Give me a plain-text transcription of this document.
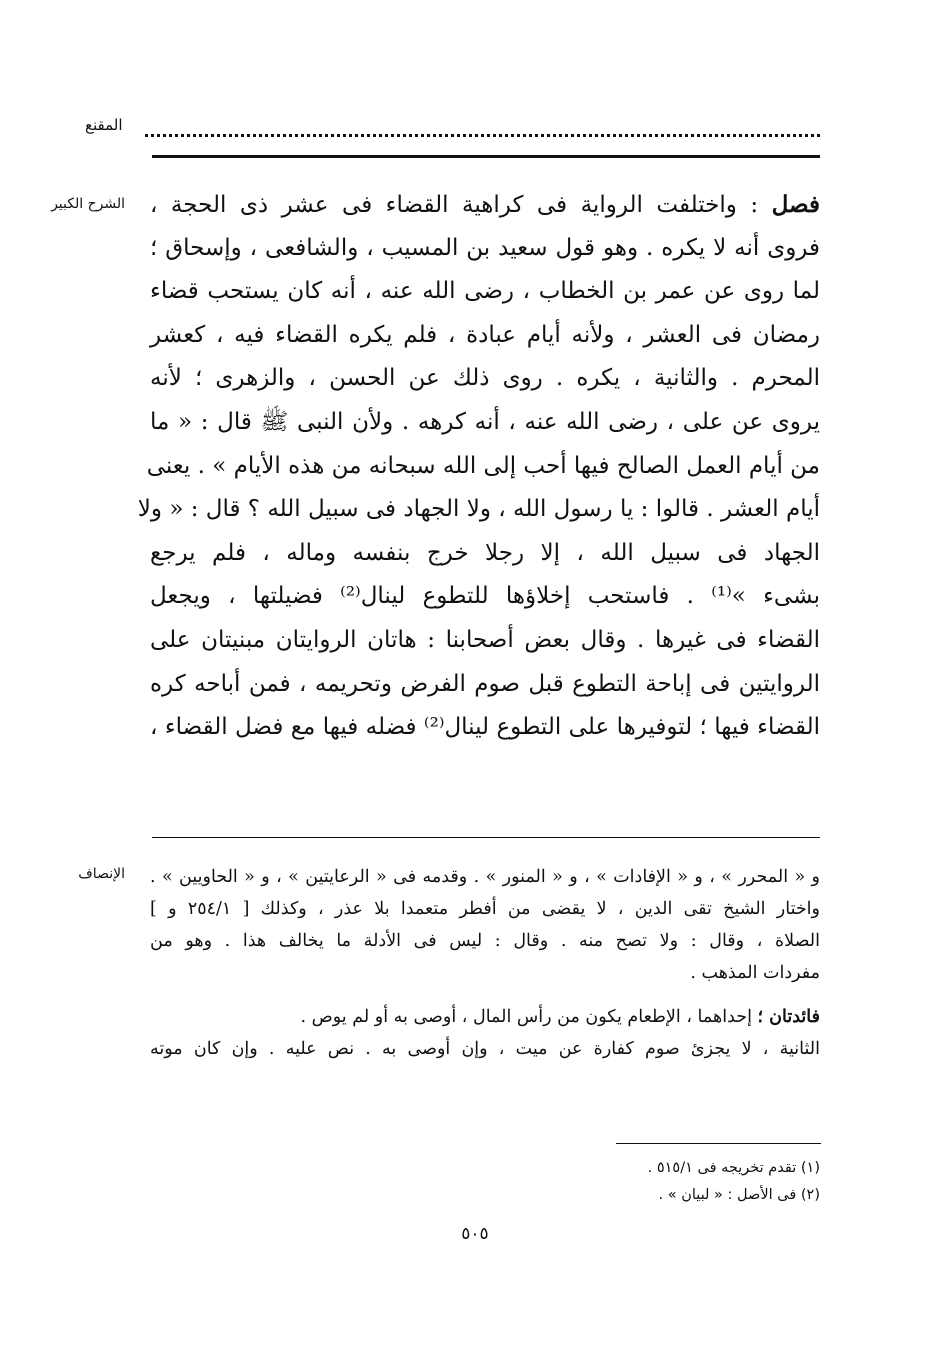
المقنع
الشرح الكبير	فصل : واختلفت الرواية فى كراهية القضاء فى عشر ذى الحجة ،
فروى أنه لا يكره . وهو قول سعيد بن المسيب ، والشافعى ، وإسحاق ؛
لما روى عن عمر بن الخطاب ، رضى الله عنه ، أنه كان يستحب قضاء
رمضان فى العشر ، ولأنه أيام عبادة ، فلم يكره القضاء فيه ، كعشر
المحرم . والثانية ، يكره . روى ذلك عن الحسن ، والزهرى ؛ لأنه
يروى عن على ، رضى الله عنه ، أنه كرهه . ولأن النبى ﷺ قال : « ما
من أيام العمل الصالح فيها أحب إلى الله سبحانه من هذه الأيام » . يعنى
أيام العشر . قالوا : يا رسول الله ، ولا الجهاد فى سبيل الله ؟ قال : « ولا
الجهاد فى سبيل الله ، إلا رجلا خرج بنفسه وماله ، فلم يرجع
بشىء »⁽¹⁾ . فاستحب إخلاؤها للتطوع لينال⁽²⁾ فضيلتها ، ويجعل
القضاء فى غيرها . وقال بعض أصحابنا : هاتان الروايتان مبنيتان على
الروايتين فى إباحة التطوع قبل صوم الفرض وتحريمه ، فمن أباحه كره
القضاء فيها ؛ لتوفيرها على التطوع لينال⁽²⁾ فضله فيها مع فضل القضاء ،
الإنصاف و « المحرر » ، و « الإفادات » ، و « المنور » . وقدمه فى « الرعايتين » ، و « الحاويين » .
واختار الشيخ تقى الدين ، لا يقضى من أفطر متعمدا بلا عذر ، وكذلك [ ٢٥٤/١ و ]
الصلاة ، وقال : ولا تصح منه . وقال : ليس فى الأدلة ما يخالف هذا . وهو من
مفردات المذهب .
فائدتان ؛ إحداهما ، الإطعام يكون من رأس المال ، أوصى به أو لم يوص .
الثانية ، لا يجزئ صوم كفارة عن ميت ، وإن أوصى به . نص عليه . وإن كان موته
(١) تقدم تخريجه فى ٥١٥/١ .
(٢) فى الأصل : « لبيان » .
٥٠٥
